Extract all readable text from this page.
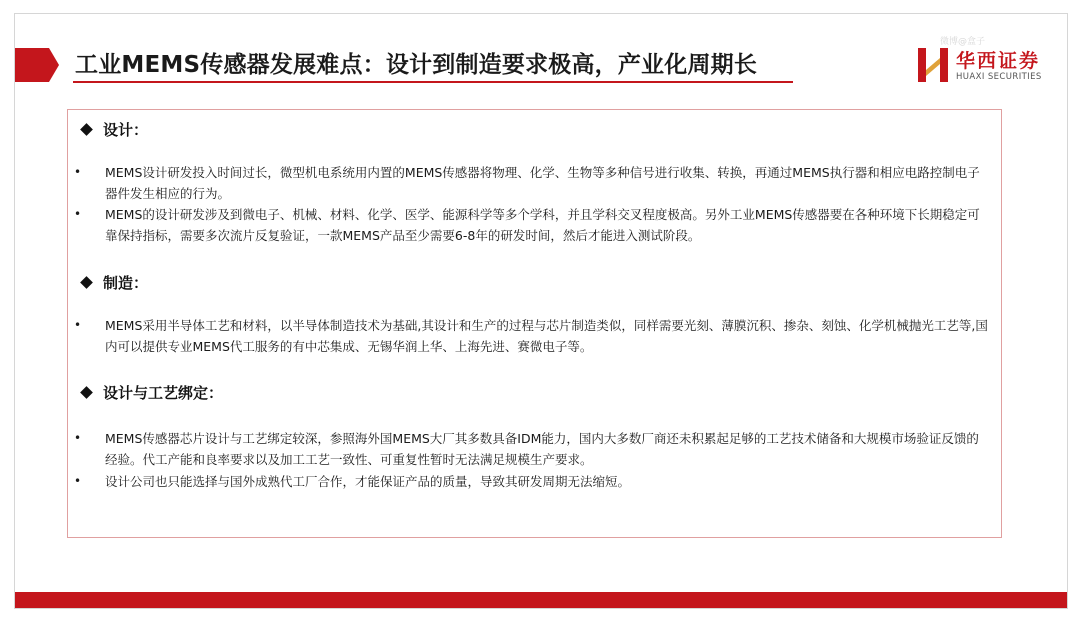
工业MEMS传感器发展难点：设计到制造要求极高，产业化周期长
微博@盒子
华西证券
HUAXI SECURITIES
设计：
• MEMS设计研发投入时间过长，微型机电系统用内置的MEMS传感器将物理、化学、生物等多种信号进行收集、转换，再通过MEMS执行器和相应电路控制电子器件发生相应的行为。
• MEMS的设计研发涉及到微电子、机械、材料、化学、医学、能源科学等多个学科，并且学科交叉程度极高。另外工业MEMS传感器要在各种环境下长期稳定可靠保持指标，需要多次流片反复验证，一款MEMS产品至少需要6-8年的研发时间，然后才能进入测试阶段。
制造：
• MEMS采用半导体工艺和材料，以半导体制造技术为基础,其设计和生产的过程与芯片制造类似，同样需要光刻、薄膜沉积、掺杂、刻蚀、化学机械抛光工艺等,国内可以提供专业MEMS代工服务的有中芯集成、无锡华润上华、上海先进、赛微电子等。
设计与工艺绑定：
• MEMS传感器芯片设计与工艺绑定较深，参照海外国MEMS大厂其多数具备IDM能力，国内大多数厂商还未积累起足够的工艺技术储备和大规模市场验证反馈的经验。代工产能和良率要求以及加工工艺一致性、可重复性暂时无法满足规模生产要求。
• 设计公司也只能选择与国外成熟代工厂合作，才能保证产品的质量，导致其研发周期无法缩短。
